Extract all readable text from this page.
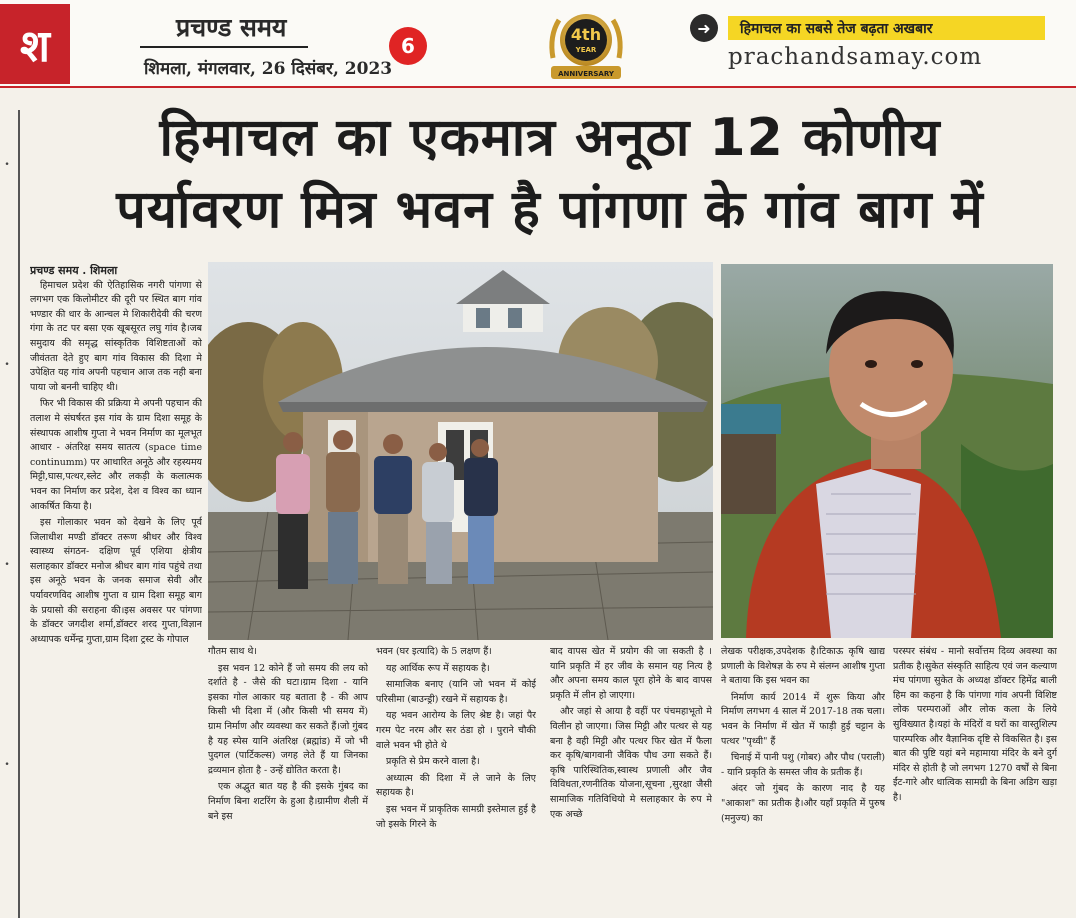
श	प्रचण्ड समय
शिमला, मंगलवार, 26 दिसंबर, 2023
6	4th
YEAR
ANNIVERSARY
➜	हिमाचल का सबसे तेज बढ़ता अखबार
prachandsamay.com
•
•
•
•
हिमाचल का एकमात्र अनूठा 12 कोणीय
पर्यावरण मित्र भवन है पांगणा के गांव बाग में
प्रचण्ड समय . शिमला

हिमाचल प्रदेश की ऐतिहासिक नगरी पांगणा से लगभग एक किलोमीटर की दूरी पर स्थित बाग गांव भण्डार की धार के आन्चल मे शिकारीदेवी की चरण गंगा के तट पर बसा एक खूबसूरत लघु गांव है।जब समुदाय की समृद्ध सांस्कृतिक विशिष्टताओं को जीवंतता देते हुए बाग गांव विकास की दिशा मे उपेक्षित यह गांव अपनी पहचान आज तक नही बना पाया जो बननी चाहिए थी।

फिर भी विकास की प्रक्रिया मे अपनी पहचान की तलाश मे संघर्षरत इस गांव के ग्राम दिशा समूह के संस्थापक आशीष गुप्ता ने भवन निर्माण का मूलभूत आधार - अंतरिक्ष समय सातत्य (space time continumm) पर आधारित अनूठे और रहस्यमय मिट्टी,घास,पत्थर,स्लेट और लकड़ी के कलात्मक भवन का निर्माण कर प्रदेश, देश व विश्व का ध्यान आकर्षित किया है।

इस गोलाकार भवन को देखने के लिए पूर्व जिलाधीश मण्डी डॉक्टर तरूण श्रीधर और विश्व स्वास्थ्य संगठन- दक्षिण पूर्व एशिया क्षेत्रीय सलाहकार डॉक्टर मनोज श्रीधर बाग गांव पहुंचे तथा इस अनूठे भवन के जनक समाज सेवी और पर्यावरणविद आशीष गुप्ता व ग्राम दिशा समूह बाग के प्रयासो की सराहना की।इस अवसर पर पांगणा के डॉक्टर जगदीश शर्मा,डॉक्टर शरद गुप्ता,विज्ञान अध्यापक धर्मेन्द्र गुप्ता,ग्राम दिशा ट्रस्ट के गोपाल

गौतम साथ थे।

इस भवन 12 कोने हैं जो समय की लय को दर्शाते है - जैसे की घटा।ग्राम दिशा - यानि इसका गोल आकार यह बताता है - की आप किसी भी दिशा में (और किसी भी समय में) ग्राम निर्माण और व्यवस्था कर सकते हैं।जो गुंबद है यह स्पेस यानि अंतरिक्ष (ब्रह्मांड) में जो भी पुदगल (पार्टिकल्स) जगह लेते हैं या जिनका द्रव्यमान होता है - उन्हें द्योतित करता है।

एक अद्भुत बात यह है की इसके गुंबद का निर्माण बिना शटरिंग के हुआ है।ग्रामीण शैली में बने इस

भवन (घर इत्यादि) के 5 लक्षण हैं।

यह आर्थिक रूप में सहायक है।

सामाजिक बनाए (यानि जो भवन में कोई परिसीमा (बाउन्ड्री) रखने में सहायक है।

यह भवन आरोग्य के लिए श्रेष्ट है। जहां पैर गरम पेट नरम और सर ठंडा हो । पुराने चौकी वाले भवन भी होते थे

प्रकृति से प्रेम करने वाला है।

अध्यात्म की दिशा में ले जाने के लिए सहायक है।

इस भवन में प्राकृतिक सामग्री इस्तेमाल हुई है जो इसके गिरने के

बाद वापस खेत में प्रयोग की जा सकती है । यानि प्रकृति में हर जीव के समान यह नित्य है और अपना समय काल पूरा होने के बाद वापस प्रकृति में लीन हो जाएगा।

और जहां से आया है वहीं पर पंचमहाभूतो मे विलीन हो जाएगा। जिस मिट्टी और पत्थर से यह बना है वही मिट्टी और पत्थर फिर खेत में फैला कर कृषि/बागवानी जैविक पौध उगा सकते हैं।कृषि पारिस्थितिक,स्वास्थ प्रणाली और जैव विविधता,रणनीतिक योजना,सूचना ,सुरक्षा जैसी सामाजिक गतिविधियो मे सलाहकार के रुप मे एक अच्छे

लेखक परीक्षक,उपदेशक है।टिकाऊ कृषि खाद्य प्रणाली के विशेषज्ञ के रुप मे संलग्न आशीष गुप्ता ने बताया कि इस भवन का

निर्माण कार्य 2014 में शुरू किया और निर्माण लगभग 4 साल में 2017-18 तक चला।भवन के निर्माण में खेत में फाड़ी हुई चट्टान के पत्थर "पृथ्वी" हैं

चिनाई में पानी पशु (गोबर) और पौध (पराली) - यानि प्रकृति के समस्त जीव के प्रतीक हैं।

अंदर जो गुंबद के कारण नाद है यह "आकाश" का प्रतीक है।और यहाँ प्रकृति में पुरुष (मनुज्य) का

परस्पर संबंध - मानो सर्वोत्तम दिव्य अवस्था का प्रतीक है।सुकेत संस्कृति साहित्य एवं जन कल्याण मंच पांगणा सुकेत के अध्यक्ष डॉक्टर हिमेंद्र बाली हिम का कहना है कि पांगणा गांव अपनी विशिष्ट लोक परम्पराओं और लोक कला के लिये सुविख्यात है।यहां के मंदिरों व घरों का वास्तुशिल्प पारम्परिक और वैज्ञानिक दृष्टि से विकसित है। इस बात की पुष्टि यहां बने महामाया मंदिर के बने दुर्ग मंदिर से होती है जो लगभग 1270 वर्षों से बिना ईंट-गारे और धात्विक सामग्री के बिना अडिग खड़ा है।
